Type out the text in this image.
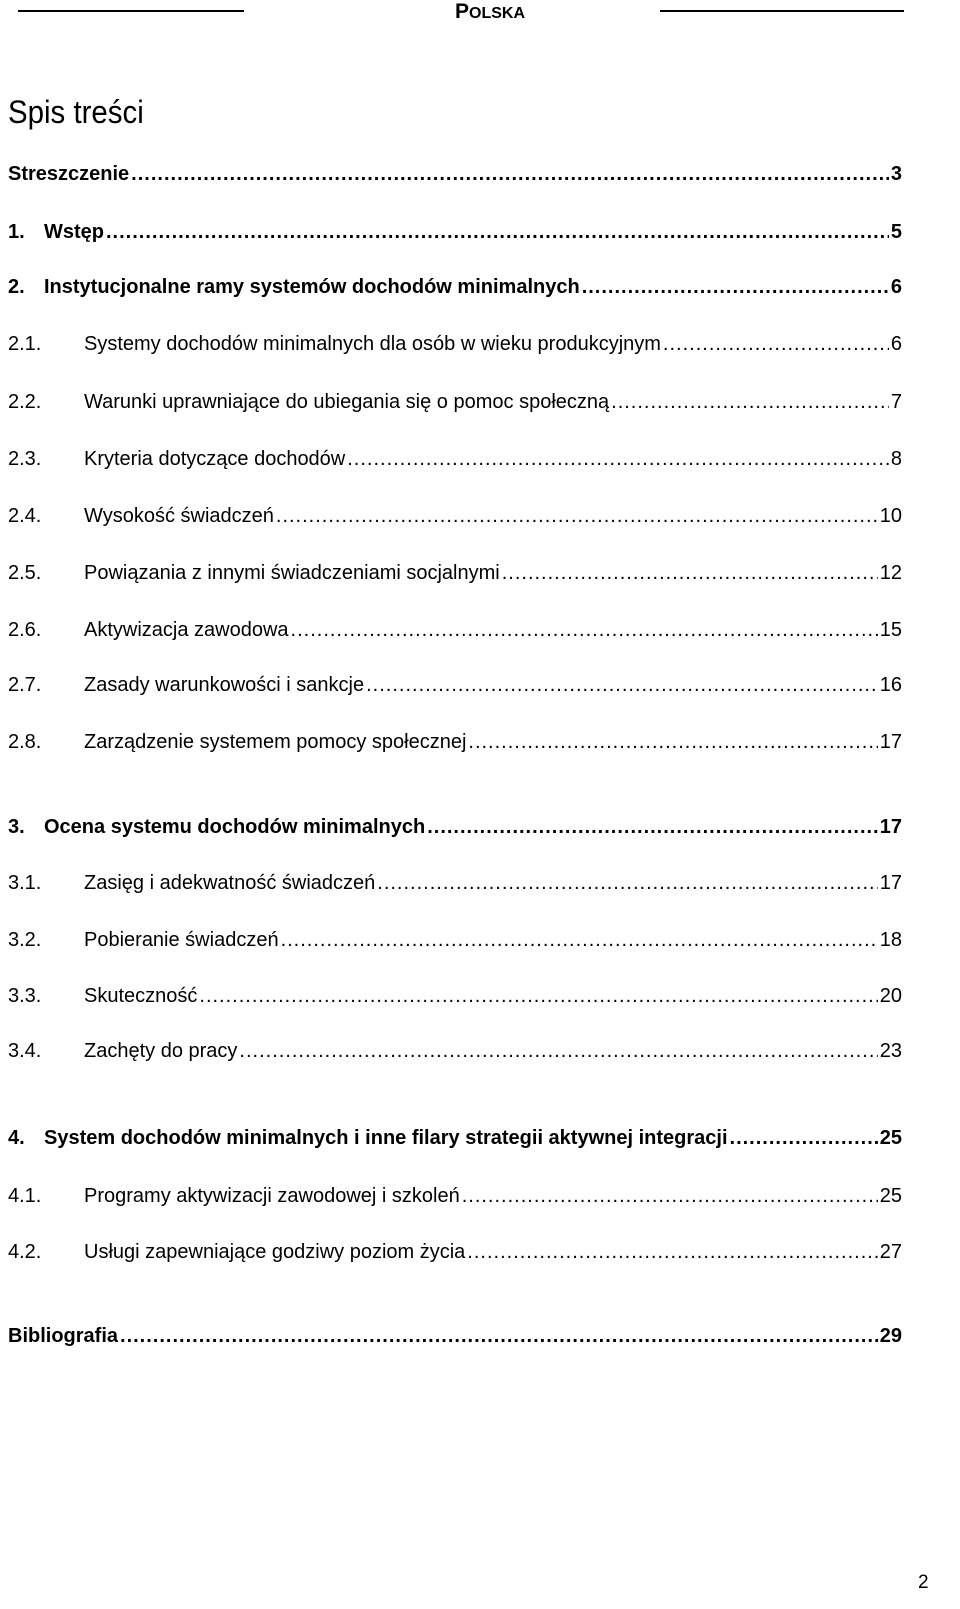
POLSKA
Spis treści
Streszczenie .....	3
1. Wstęp .....	5
2. Instytucjonalne ramy systemów dochodów minimalnych .....	6
2.1.	Systemy dochodów minimalnych dla osób w wieku produkcyjnym .....	6
2.2.	Warunki uprawniające do ubiegania się o pomoc społeczną .....	7
2.3.	Kryteria dotyczące dochodów .....	8
2.4.	Wysokość świadczeń .....	10
2.5.	Powiązania z innymi świadczeniami socjalnymi .....	12
2.6.	Aktywizacja zawodowa .....	15
2.7.	Zasady warunkowości i sankcje .....	16
2.8.	Zarządzenie systemem pomocy społecznej .....	17
3. Ocena systemu dochodów minimalnych .....	17
3.1.	Zasięg i adekwatność świadczeń .....	17
3.2.	Pobieranie świadczeń .....	18
3.3.	Skuteczność .....	20
3.4.	Zachęty do pracy .....	23
4. System dochodów minimalnych i inne filary strategii aktywnej integracji .....	25
4.1.	Programy aktywizacji zawodowej i szkoleń .....	25
4.2.	Usługi zapewniające godziwy poziom życia .....	27
Bibliografia .....	29
2
